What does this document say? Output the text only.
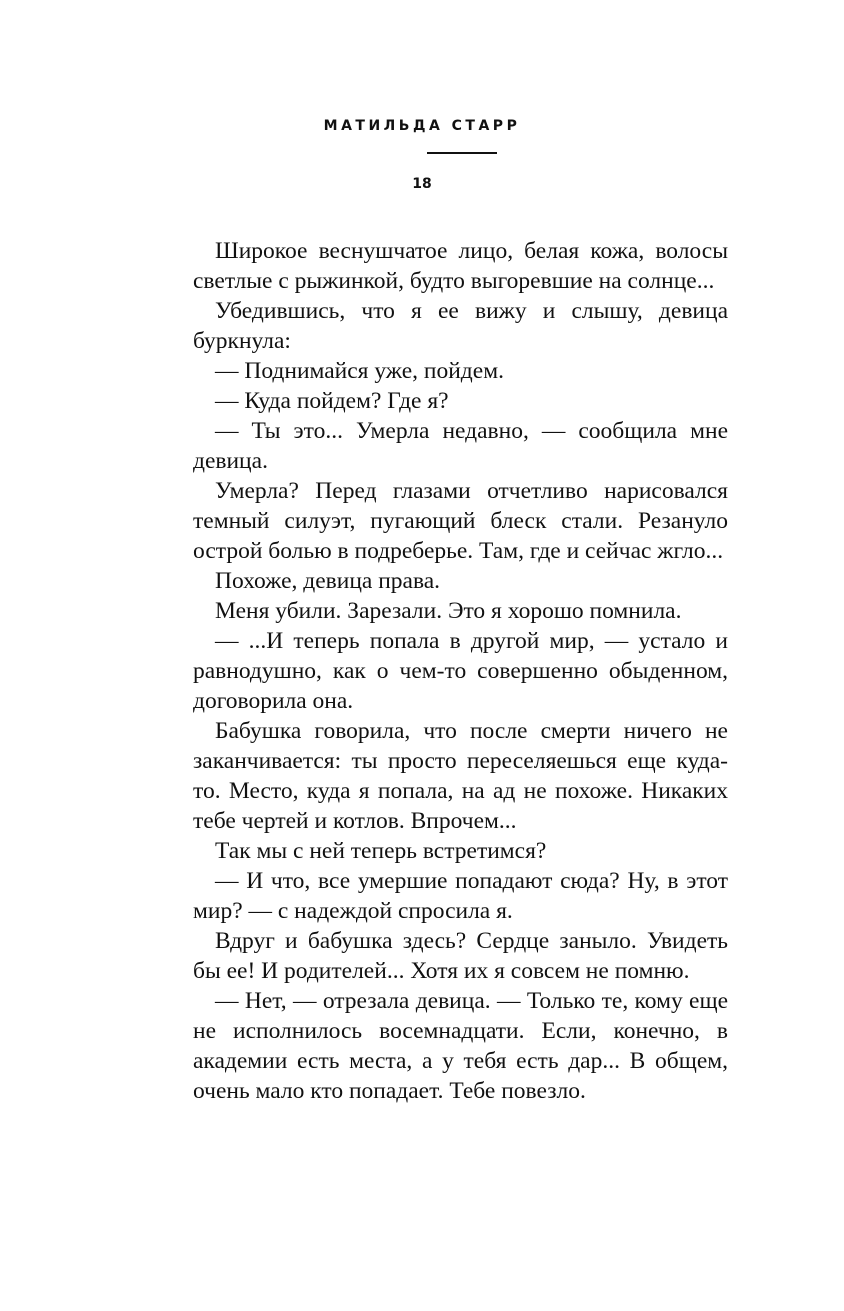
МАТИЛЬДА СТАРР
18

Широкое веснушчатое лицо, белая кожа, волосы светлые с рыжинкой, будто выгоревшие на солнце...

Убедившись, что я ее вижу и слышу, девица буркнула:

— Поднимайся уже, пойдем.

— Куда пойдем? Где я?

— Ты это... Умерла недавно, — сообщила мне девица.

Умерла? Перед глазами отчетливо нарисовался темный силуэт, пугающий блеск стали. Резануло острой болью в подреберье. Там, где и сейчас жгло...

Похоже, девица права.

Меня убили. Зарезали. Это я хорошо помнила.

— ...И теперь попала в другой мир, — устало и равнодушно, как о чем-то совершенно обыденном, договорила она.

Бабушка говорила, что после смерти ничего не заканчивается: ты просто переселяешься еще куда-то. Место, куда я попала, на ад не похоже. Никаких тебе чертей и котлов. Впрочем...

Так мы с ней теперь встретимся?

— И что, все умершие попадают сюда? Ну, в этот мир? — с надеждой спросила я.

Вдруг и бабушка здесь? Сердце заныло. Увидеть бы ее! И родителей... Хотя их я совсем не помню.

— Нет, — отрезала девица. — Только те, кому еще не исполнилось восемнадцати. Если, конечно, в академии есть места, а у тебя есть дар... В общем, очень мало кто попадает. Тебе повезло.
